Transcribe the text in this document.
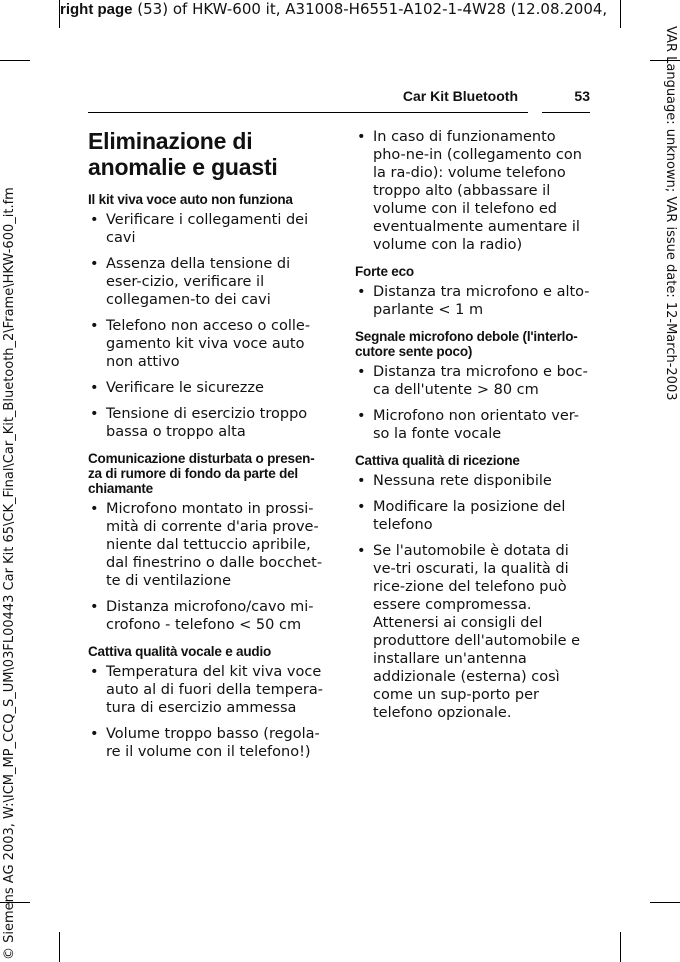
right page (53) of HKW-600 it, A31008-H6551-A102-1-4W28 (12.08.2004,
© Siemens AG 2003, W:\ICM_MP_CCQ_S_UM\03FL00443 Car Kit 65\CK_Final\Car_Kit_Bluetooth_2\Frame\HKW-600_it.fm	VAR Language: unknown; VAR issue date: 12-March-2003
Car Kit Bluetooth	53
Eliminazione di anomalie e guasti
Il kit viva voce auto non funziona
• Verificare i collegamenti dei cavi
• Assenza della tensione di eser-cizio, verificare il collegamen-to dei cavi
• Telefono non acceso o colle-gamento kit viva voce auto non attivo
• Verificare le sicurezze
• Tensione di esercizio troppo bassa o troppo alta
Comunicazione disturbata o presen-za di rumore di fondo da parte del chiamante
• Microfono montato in prossi-mità di corrente d'aria prove-niente dal tettuccio apribile, dal finestrino o dalle bocchet-te di ventilazione
• Distanza microfono/cavo mi-crofono - telefono < 50 cm
Cattiva qualità vocale e audio
• Temperatura del kit viva voce auto al di fuori della tempera-tura di esercizio ammessa
• Volume troppo basso (regola-re il volume con il telefono!)
• In caso di funzionamento pho-ne-in (collegamento con la ra-dio): volume telefono troppo alto (abbassare il volume con il telefono ed eventualmente aumentare il volume con la radio)
Forte eco
• Distanza tra microfono e alto-parlante < 1 m
Segnale microfono debole (l'interlo-cutore sente poco)
• Distanza tra microfono e boc-ca dell'utente > 80 cm
• Microfono non orientato ver-so la fonte vocale
Cattiva qualità di ricezione
• Nessuna rete disponibile
• Modificare la posizione del telefono
• Se l'automobile è dotata di ve-tri oscurati, la qualità di rice-zione del telefono può essere compromessa. Attenersi ai consigli del produttore dell'automobile e installare un'antenna addizionale (esterna) così come un sup-porto per telefono opzionale.
